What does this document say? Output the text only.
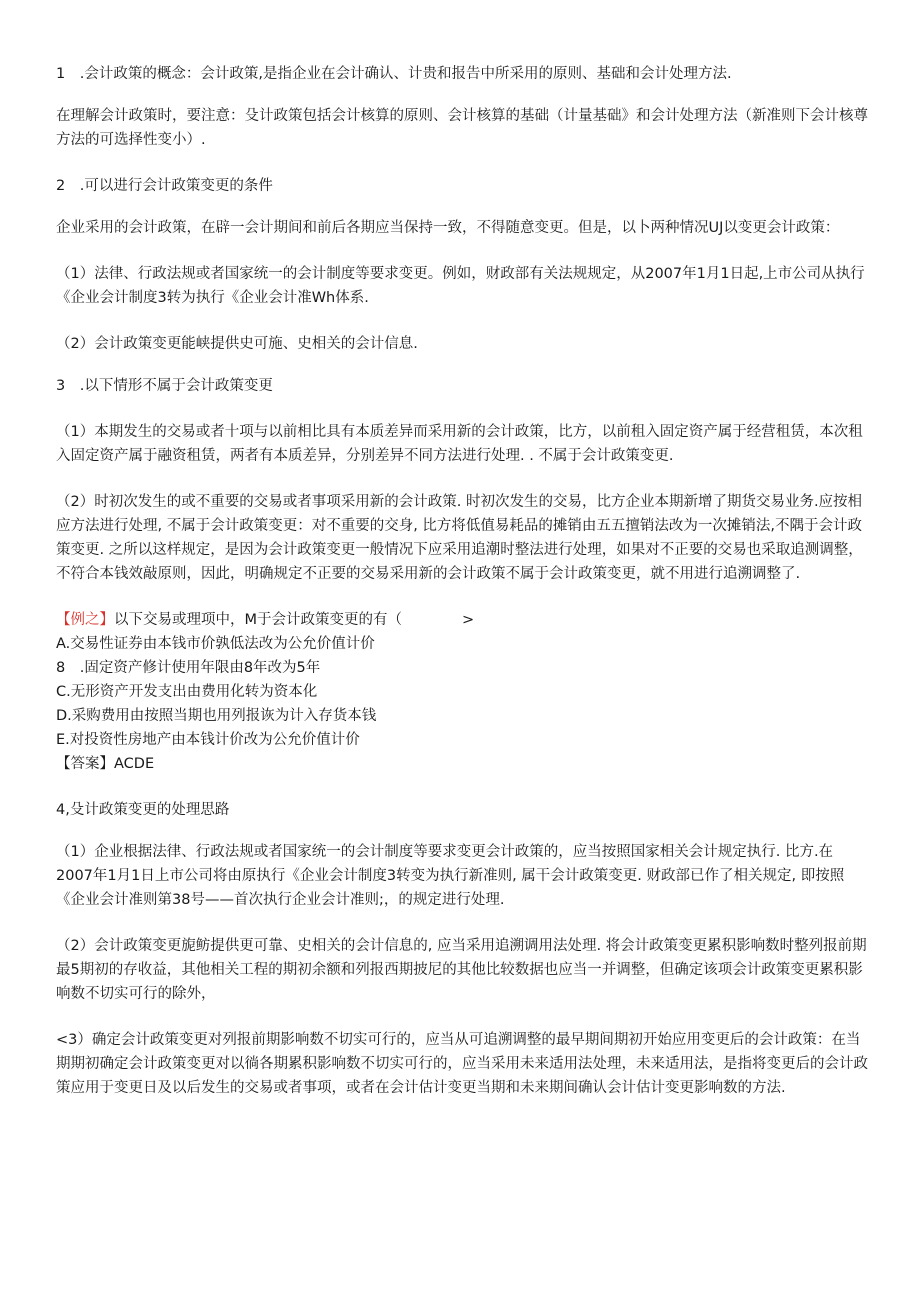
1　.会计政策的概念：会计政策,是指企业在会计确认、计贵和报告中所采用的原则、基础和会计处理方法.

在理解会计政策时，要注意：殳计政策包括会计核算的原则、会计核算的基础（计量基础》和会计处理方法（新准则下会计核尊方法的可选择性变小）.

2　.可以进行会计政策变更的条件

企业采用的会计政策，在辟一会计期间和前后各期应当保持一致，不得随意变更。但是，以卜两种情况UJ以变更会计政策：

（1）法律、行政法规或者国家统一的会计制度等要求变更。例如，财政部有关法规规定，从2007年1月1日起,上市公司从执行《企业会计制度3转为执行《企业会计准Wh体系.

（2）会计政策变更能峡提供史可施、史相关的会计信息.

3　.以下情形不属于会计政策变更

（1）本期发生的交易或者十项与以前相比具有本质差异而采用新的会计政策，比方，以前租入固定资产属于经营租赁，本次租入固定资产属于融资租赁，两者有本质差异，分别差异不同方法进行处理. . 不属于会计政策变更.

（2）时初次发生的或不重要的交易或者事项采用新的会计政策. 时初次发生的交易，比方企业本期新增了期货交易业务.应按相应方法进行处理, 不属于会计政策变更：对不重要的交身, 比方将低值易耗品的摊销由五五擅销法改为一次摊销法,不隅于会计政策变更. 之所以这样规定，是因为会计政策变更一般情况下应采用追潮时整法进行处理，如果对不正要的交易也采取追测调整，不符合本钱效敲原则，因此，明确规定不正要的交易采用新的会计政策不属于会计政策变更，就不用进行追溯调整了.

【例之】以下交易或理项中，M于会计政策变更的有（	>

A.交易性证券由本钱市价孰低法改为公允价值计价

8　.固定资产修计使用年限由8年改为5年

C.无形资产开发支出由费用化转为资本化

D.采购费用由按照当期也用列报诙为计入存货本钱

E.对投资性房地产由本钱计价改为公允价值计价

【答案】ACDE

4,殳计政策变更的处理思路

（1）企业根据法律、行政法规或者国家统一的会计制度等要求变更会计政策的，应当按照国家相关会计规定执行. 比方.在2007年1月1日上市公司将由原执行《企业会计制度3转变为执行新准则, 属干会计政策变更. 财政部已作了相关规定, 即按照《企业会计准则第38号——首次执行企业会计准则;，的规定进行处理.

（2）会计政策变更旎鲂提供更可靠、史相关的会计信息的, 应当采用追溯调用法处理. 将会计政策变更累积影响数时整列报前期最5期初的存收益，其他相关工程的期初余额和列报西期披尼的其他比较数据也应当一并调整，但确定该项会计政策变更累积影响数不切实可行的除外，

<3）确定会计政策变更对列报前期影响数不切实可行的，应当从可追溯调整的最早期间期初开始应用变更后的会计政策：在当期期初确定会计政策变更对以徜各期累积影响数不切实可行的，应当采用未来适用法处理，未来适用法，是指将变更后的会计政策应用于变更日及以后发生的交易或者事项，或者在会计估计变更当期和未来期间确认会计估计变更影响数的方法.
